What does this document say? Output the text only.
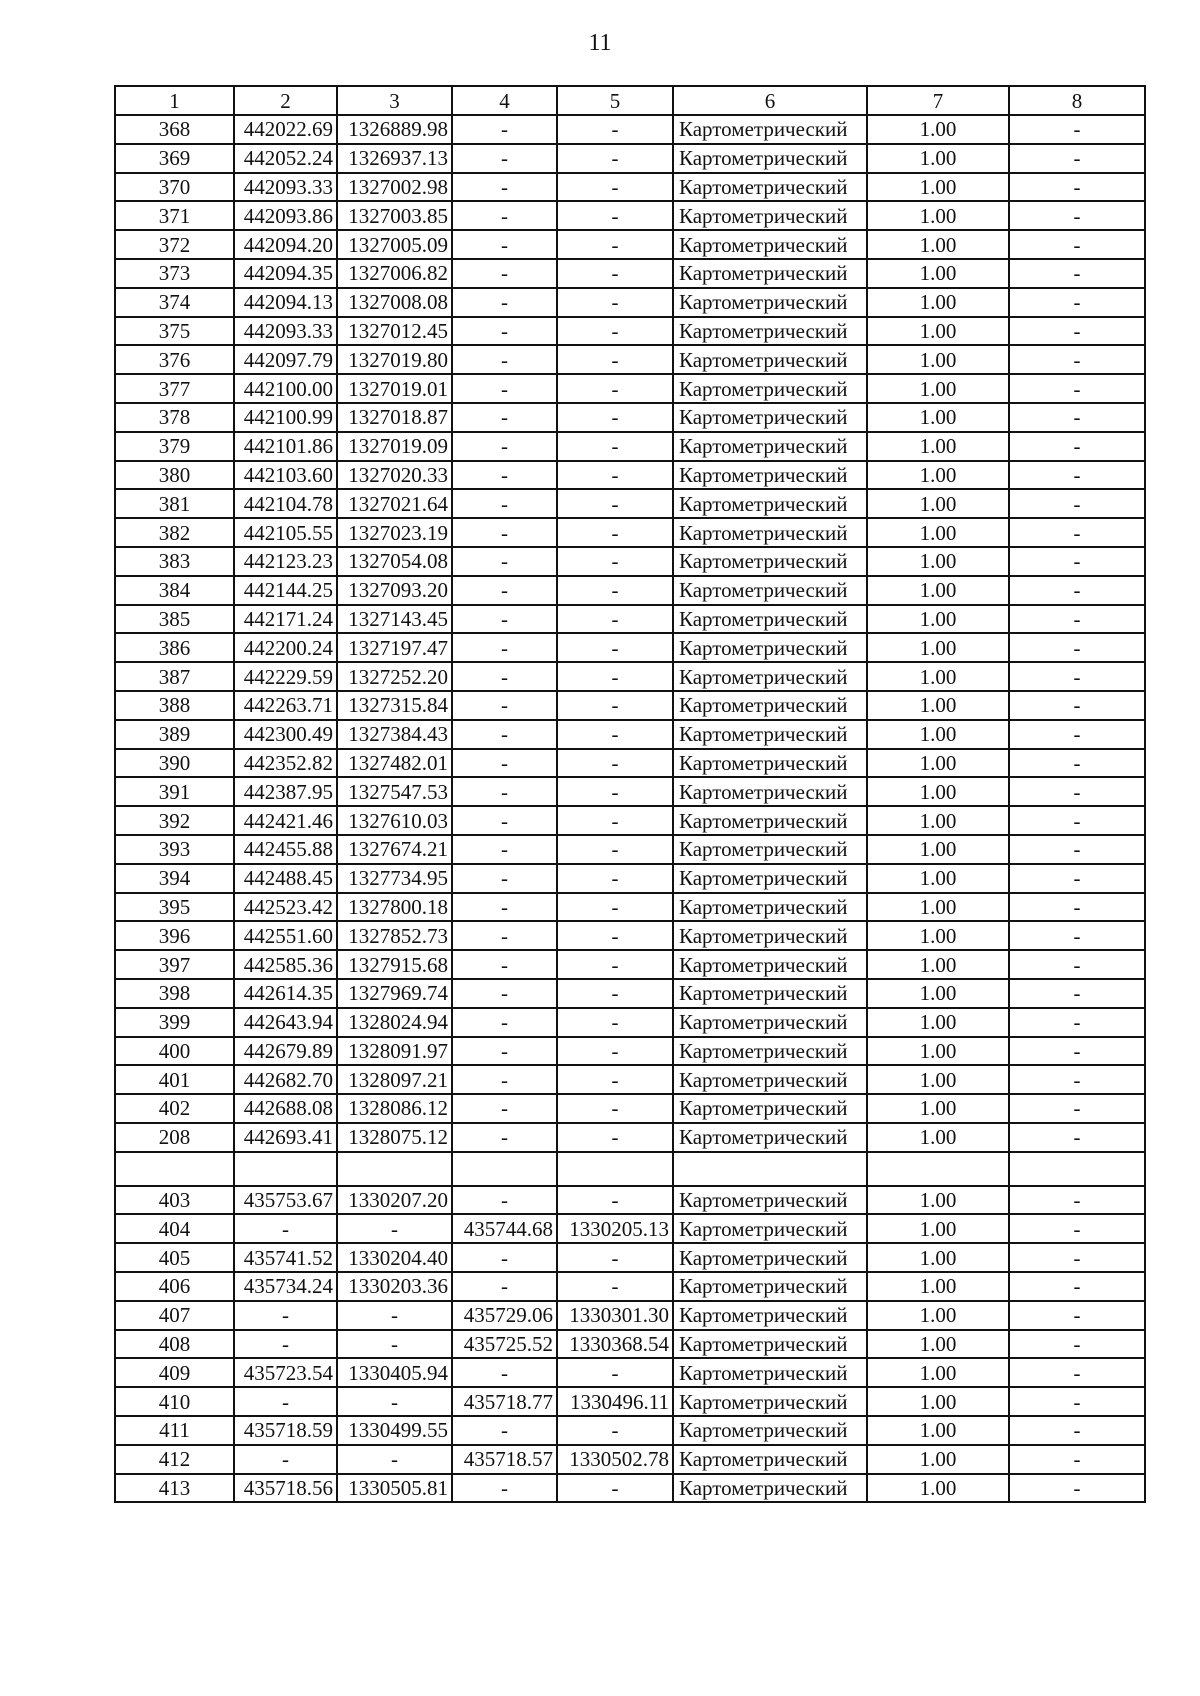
11
1	2	3	4	5	6	7	8
368	442022.69	1326889.98	-	-	Картометрический	1.00	-
369	442052.24	1326937.13	-	-	Картометрический	1.00	-
370	442093.33	1327002.98	-	-	Картометрический	1.00	-
371	442093.86	1327003.85	-	-	Картометрический	1.00	-
372	442094.20	1327005.09	-	-	Картометрический	1.00	-
373	442094.35	1327006.82	-	-	Картометрический	1.00	-
374	442094.13	1327008.08	-	-	Картометрический	1.00	-
375	442093.33	1327012.45	-	-	Картометрический	1.00	-
376	442097.79	1327019.80	-	-	Картометрический	1.00	-
377	442100.00	1327019.01	-	-	Картометрический	1.00	-
378	442100.99	1327018.87	-	-	Картометрический	1.00	-
379	442101.86	1327019.09	-	-	Картометрический	1.00	-
380	442103.60	1327020.33	-	-	Картометрический	1.00	-
381	442104.78	1327021.64	-	-	Картометрический	1.00	-
382	442105.55	1327023.19	-	-	Картометрический	1.00	-
383	442123.23	1327054.08	-	-	Картометрический	1.00	-
384	442144.25	1327093.20	-	-	Картометрический	1.00	-
385	442171.24	1327143.45	-	-	Картометрический	1.00	-
386	442200.24	1327197.47	-	-	Картометрический	1.00	-
387	442229.59	1327252.20	-	-	Картометрический	1.00	-
388	442263.71	1327315.84	-	-	Картометрический	1.00	-
389	442300.49	1327384.43	-	-	Картометрический	1.00	-
390	442352.82	1327482.01	-	-	Картометрический	1.00	-
391	442387.95	1327547.53	-	-	Картометрический	1.00	-
392	442421.46	1327610.03	-	-	Картометрический	1.00	-
393	442455.88	1327674.21	-	-	Картометрический	1.00	-
394	442488.45	1327734.95	-	-	Картометрический	1.00	-
395	442523.42	1327800.18	-	-	Картометрический	1.00	-
396	442551.60	1327852.73	-	-	Картометрический	1.00	-
397	442585.36	1327915.68	-	-	Картометрический	1.00	-
398	442614.35	1327969.74	-	-	Картометрический	1.00	-
399	442643.94	1328024.94	-	-	Картометрический	1.00	-
400	442679.89	1328091.97	-	-	Картометрический	1.00	-
401	442682.70	1328097.21	-	-	Картометрический	1.00	-
402	442688.08	1328086.12	-	-	Картометрический	1.00	-
208	442693.41	1328075.12	-	-	Картометрический	1.00	-

403	435753.67	1330207.20	-	-	Картометрический	1.00	-
404	-	-	435744.68	1330205.13	Картометрический	1.00	-
405	435741.52	1330204.40	-	-	Картометрический	1.00	-
406	435734.24	1330203.36	-	-	Картометрический	1.00	-
407	-	-	435729.06	1330301.30	Картометрический	1.00	-
408	-	-	435725.52	1330368.54	Картометрический	1.00	-
409	435723.54	1330405.94	-	-	Картометрический	1.00	-
410	-	-	435718.77	1330496.11	Картометрический	1.00	-
411	435718.59	1330499.55	-	-	Картометрический	1.00	-
412	-	-	435718.57	1330502.78	Картометрический	1.00	-
413	435718.56	1330505.81	-	-	Картометрический	1.00	-
